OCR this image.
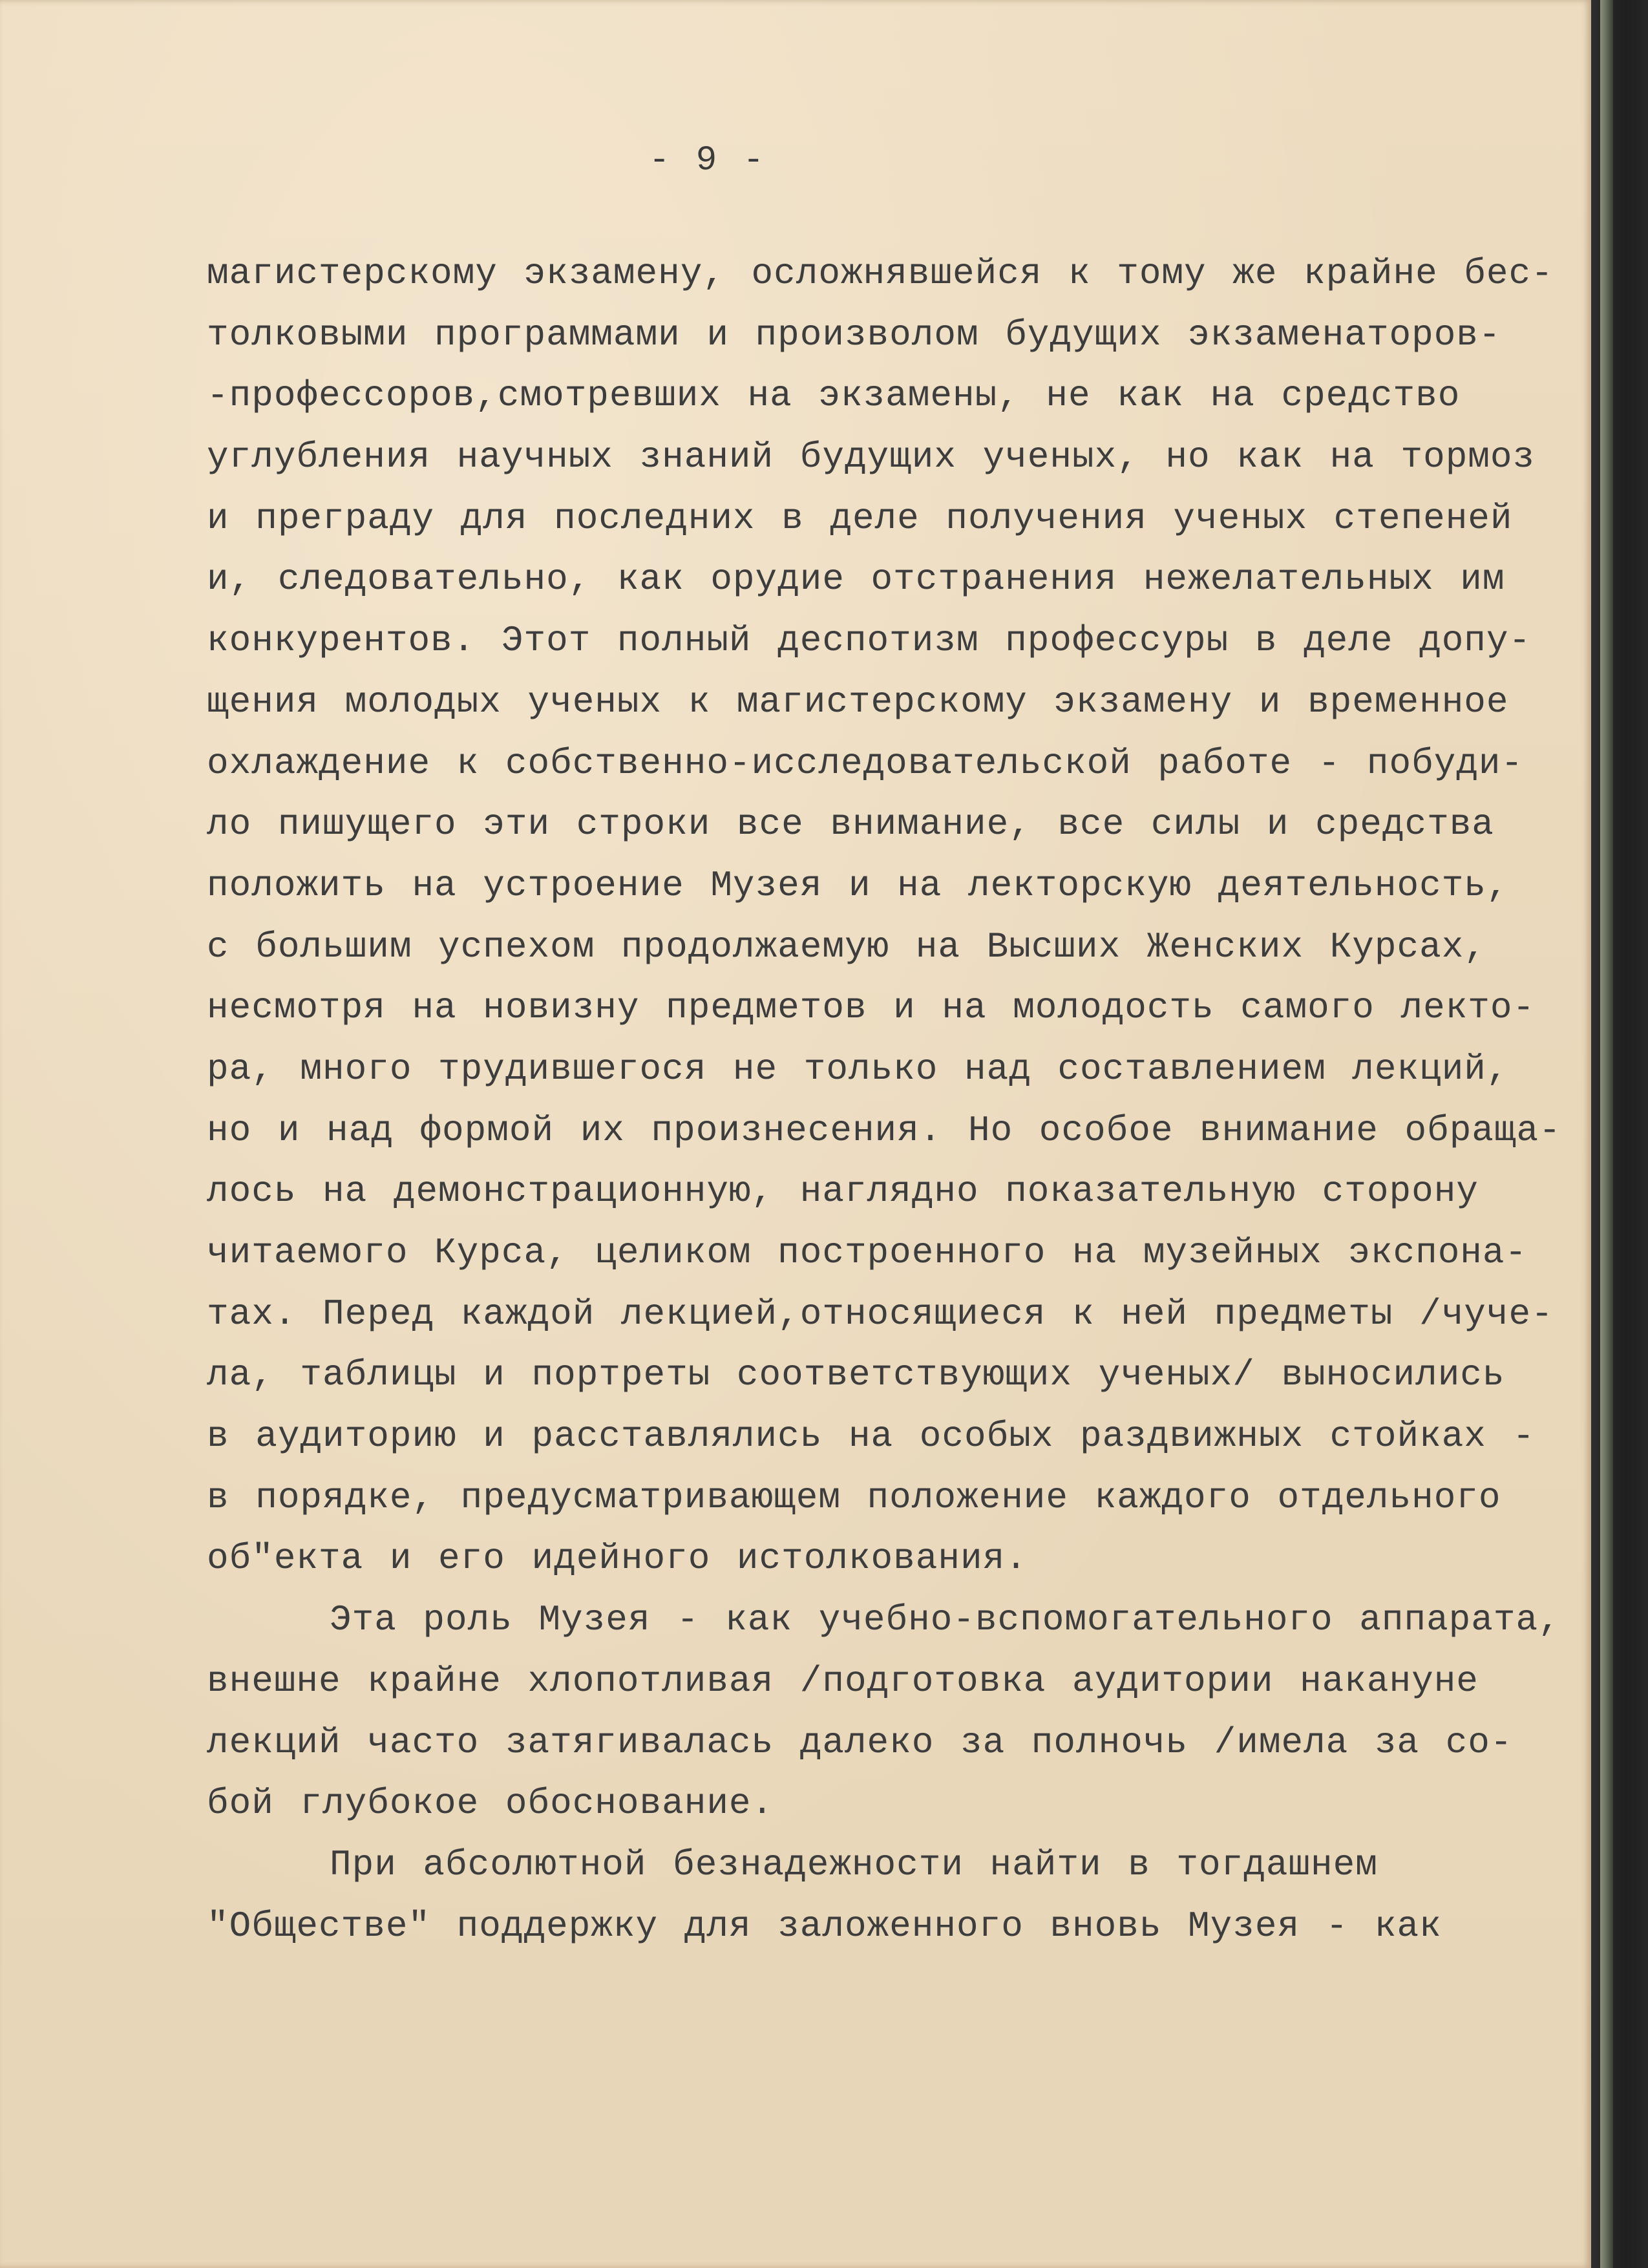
- 9 -
магистерскому экзамену, осложнявшейся к тому же крайне бес-
толковыми программами и произволом будущих экзаменаторов-
-профессоров,смотревших на экзамены, не как на средство
углубления научных знаний будущих ученых, но как на тормоз
и преграду для последних в деле получения ученых степеней
и, следовательно, как орудие отстранения нежелательных им
конкурентов. Этот полный деспотизм профессуры в деле допу-
щения молодых ученых к магистерскому экзамену и временное
охлаждение к собственно-исследовательской работе - побуди-
ло пишущего эти строки все внимание, все силы и средства
положить на устроение Музея и на лекторскую деятельность,
с большим успехом продолжаемую на Высших Женских Курсах,
несмотря на новизну предметов и на молодость самого лекто-
ра, много трудившегося не только над составлением лекций,
но и над формой их произнесения. Но особое внимание обраща-
лось на демонстрационную, наглядно показательную сторону
читаемого Курса, целиком построенного на музейных экспона-
тах. Перед каждой лекцией,относящиеся к ней предметы /чуче-
ла, таблицы и портреты соответствующих ученых/ выносились
в аудиторию и расставлялись на особых раздвижных стойках -
в порядке, предусматривающем положение каждого отдельного
об"екта и его идейного истолкования.
Эта роль Музея - как учебно-вспомогательного аппарата,
внешне крайне хлопотливая /подготовка аудитории накануне
лекций часто затягивалась далеко за полночь /имела за со-
бой глубокое обоснование.
При абсолютной безнадежности найти в тогдашнем
"Обществе" поддержку для заложенного вновь Музея - как
